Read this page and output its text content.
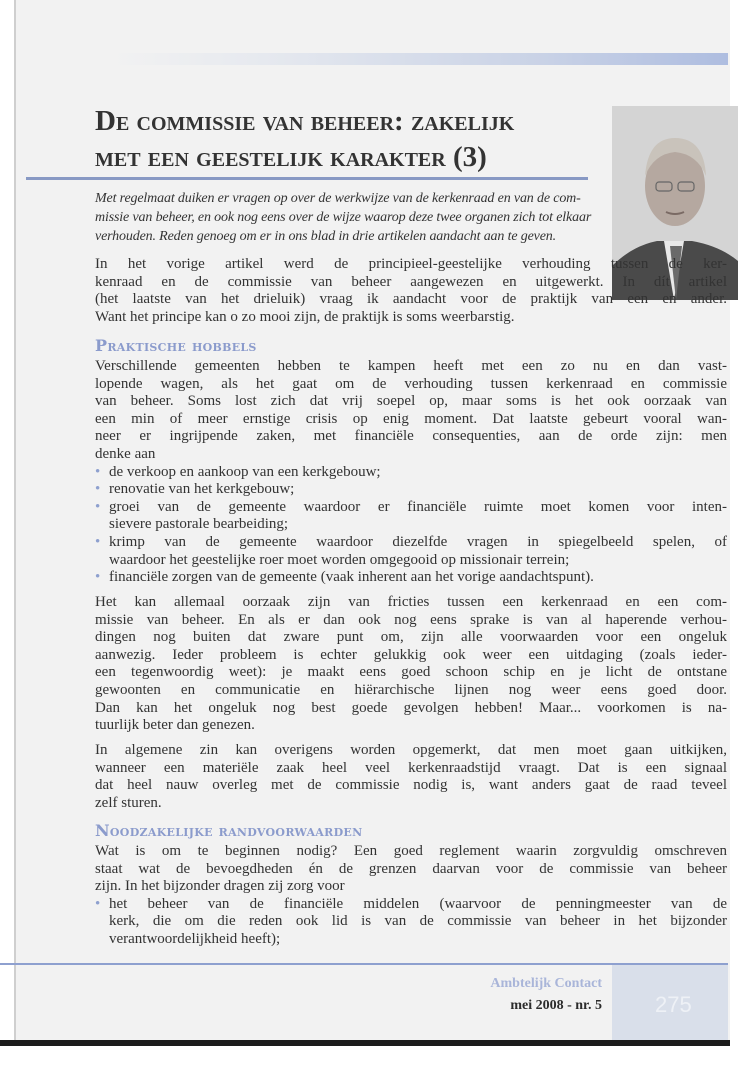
De commissie van beheer: zakelijk
met een geestelijk karakter (3)
Met regelmaat duiken er vragen op over de werkwijze van de kerkenraad en van de com-
missie van beheer, en ook nog eens over de wijze waarop deze twee organen zich tot elkaar
verhouden. Reden genoeg om er in ons blad in drie artikelen aandacht aan te geven.
In het vorige artikel werd de principieel-geestelijke verhouding tussen de ker-
kenraad en de commissie van beheer aangewezen en uitgewerkt. In dít artikel
(het laatste van het drieluik) vraag ik aandacht voor de praktijk van een en ander.
Want het principe kan o zo mooi zijn, de praktijk is soms weerbarstig.
Praktische hobbels
Verschillende gemeenten hebben te kampen heeft met een zo nu en dan vast-
lopende wagen, als het gaat om de verhouding tussen kerkenraad en commissie
van beheer. Soms lost zich dat vrij soepel op, maar soms is het ook oorzaak van
een min of meer ernstige crisis op enig moment. Dat laatste gebeurt vooral wan-
neer er ingrijpende zaken, met financiële consequenties, aan de orde zijn: men
denke aan
• de verkoop en aankoop van een kerkgebouw;
• renovatie van het kerkgebouw;
• groei van de gemeente waardoor er financiële ruimte moet komen voor inten-
sievere pastorale bearbeiding;
• krimp van de gemeente waardoor diezelfde vragen in spiegelbeeld spelen, of
waardoor het geestelijke roer moet worden omgegooid op missionair terrein;
• financiële zorgen van de gemeente (vaak inherent aan het vorige aandachtspunt).
Het kan allemaal oorzaak zijn van fricties tussen een kerkenraad en een com-
missie van beheer. En als er dan ook nog eens sprake is van al haperende verhou-
dingen nog buiten dat zware punt om, zijn alle voorwaarden voor een ongeluk
aanwezig. Ieder probleem is echter gelukkig ook weer een uitdaging (zoals ieder-
een tegenwoordig weet): je maakt eens goed schoon schip en je licht de ontstane
gewoonten en communicatie en hiërarchische lijnen nog weer eens goed door.
Dan kan het ongeluk nog best goede gevolgen hebben! Maar... voorkomen is na-
tuurlijk beter dan genezen.
In algemene zin kan overigens worden opgemerkt, dat men moet gaan uitkijken,
wanneer een materiële zaak heel veel kerkenraadstijd vraagt. Dat is een signaal
dat heel nauw overleg met de commissie nodig is, want anders gaat de raad teveel
zelf sturen.
Noodzakelijke randvoorwaarden
Wat is om te beginnen nodig? Een goed reglement waarin zorgvuldig omschreven
staat wat de bevoegdheden én de grenzen daarvan voor de commissie van beheer
zijn. In het bijzonder dragen zij zorg voor
• het beheer van de financiële middelen (waarvoor de penningmeester van de
kerk, die om die reden ook lid is van de commissie van beheer in het bijzonder
verantwoordelijkheid heeft);
275
Ambtelijk Contact
mei 2008 - nr. 5
